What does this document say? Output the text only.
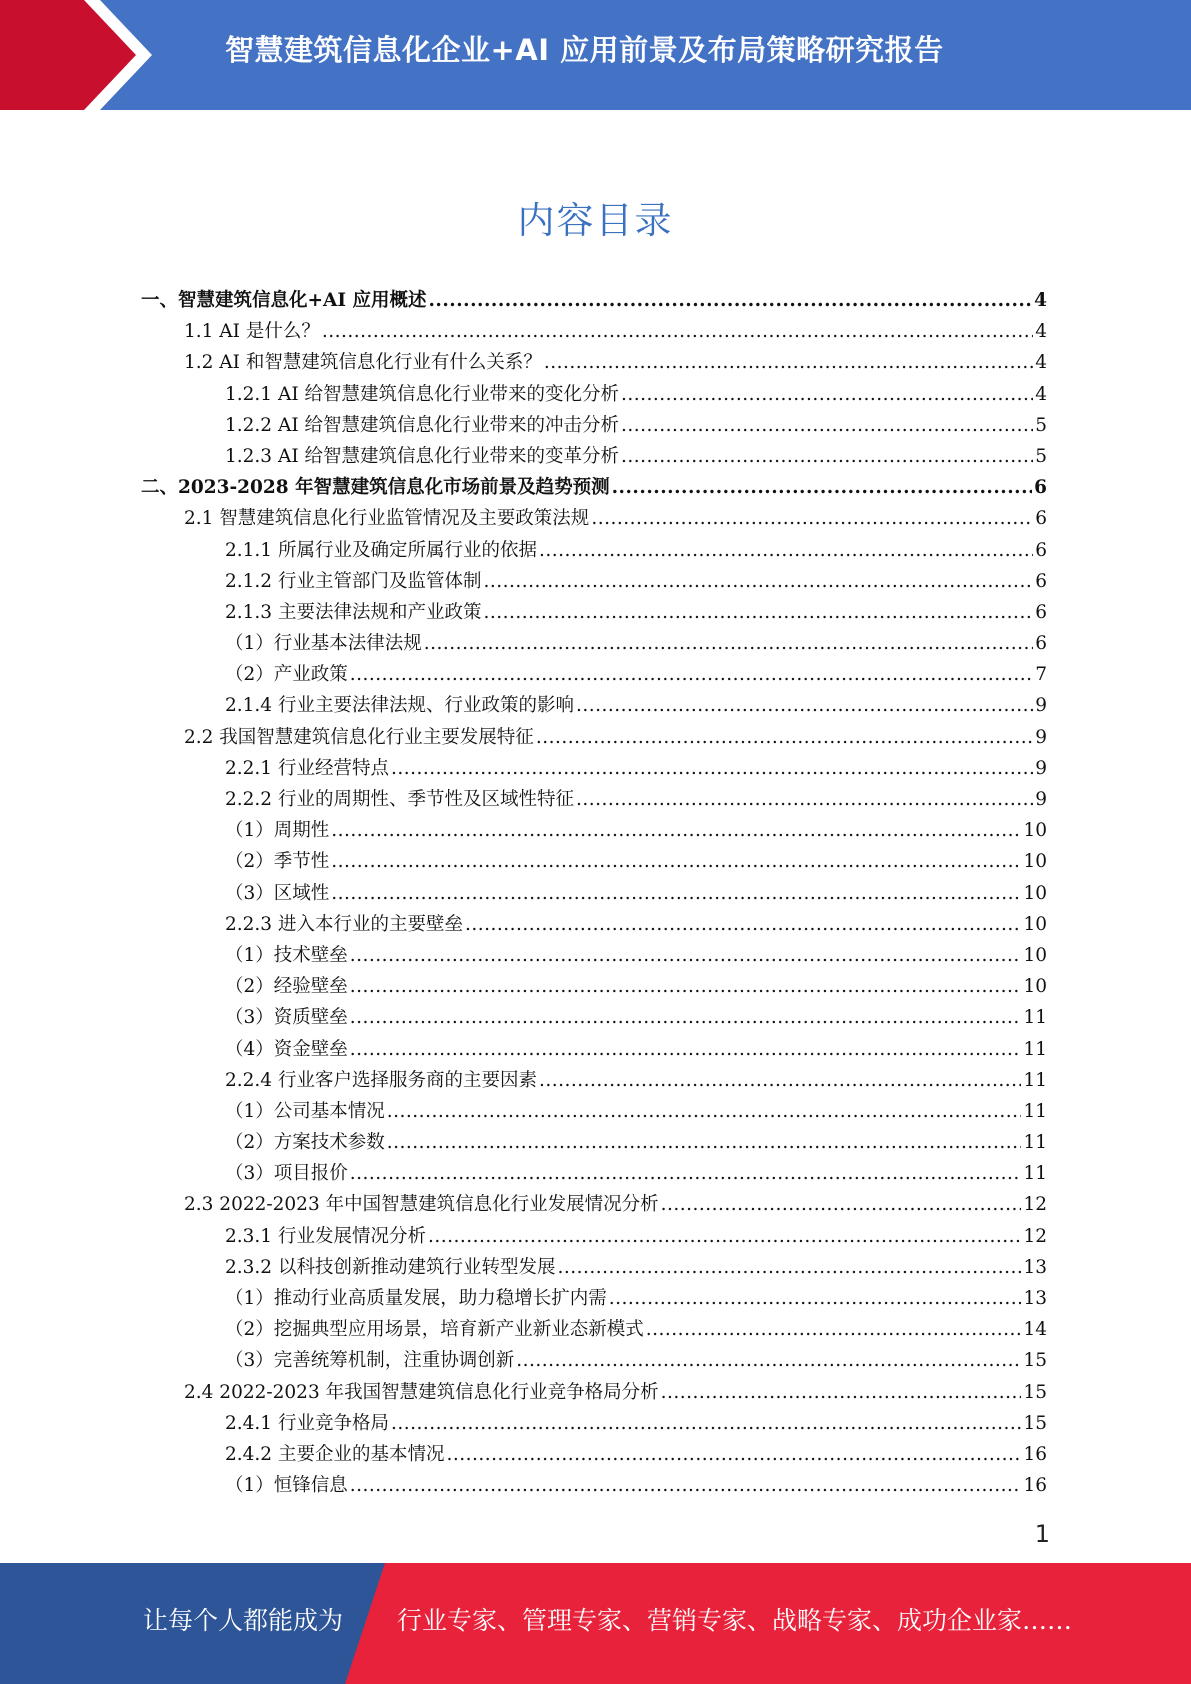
智慧建筑信息化企业+AI 应用前景及布局策略研究报告
内容目录
一、智慧建筑信息化+AI 应用概述 .....	4
1.1 AI 是什么？ .....	4
1.2 AI 和智慧建筑信息化行业有什么关系？ .....	4
1.2.1 AI 给智慧建筑信息化行业带来的变化分析 .....	4
1.2.2 AI 给智慧建筑信息化行业带来的冲击分析 .....	5
1.2.3 AI 给智慧建筑信息化行业带来的变革分析 .....	5
二、2023-2028 年智慧建筑信息化市场前景及趋势预测 .....	6
2.1 智慧建筑信息化行业监管情况及主要政策法规 .....	6
2.1.1 所属行业及确定所属行业的依据 .....	6
2.1.2 行业主管部门及监管体制 .....	6
2.1.3 主要法律法规和产业政策 .....	6
（1）行业基本法律法规 .....	6
（2）产业政策 .....	7
2.1.4 行业主要法律法规、行业政策的影响 .....	9
2.2 我国智慧建筑信息化行业主要发展特征 .....	9
2.2.1 行业经营特点 .....	9
2.2.2 行业的周期性、季节性及区域性特征 .....	9
（1）周期性 .....	10
（2）季节性 .....	10
（3）区域性 .....	10
2.2.3 进入本行业的主要壁垒 .....	10
（1）技术壁垒 .....	10
（2）经验壁垒 .....	10
（3）资质壁垒 .....	11
（4）资金壁垒 .....	11
2.2.4 行业客户选择服务商的主要因素 .....	11
（1）公司基本情况 .....	11
（2）方案技术参数 .....	11
（3）项目报价 .....	11
2.3 2022-2023 年中国智慧建筑信息化行业发展情况分析 .....	12
2.3.1 行业发展情况分析 .....	12
2.3.2 以科技创新推动建筑行业转型发展 .....	13
（1）推动行业高质量发展，助力稳增长扩内需 .....	13
（2）挖掘典型应用场景，培育新产业新业态新模式 .....	14
（3）完善统筹机制，注重协调创新 .....	15
2.4 2022-2023 年我国智慧建筑信息化行业竞争格局分析 .....	15
2.4.1 行业竞争格局 .....	15
2.4.2 主要企业的基本情况 .....	16
（1）恒锋信息 .....	16
1
让每个人都能成为 行业专家、管理专家、营销专家、战略专家、成功企业家……
